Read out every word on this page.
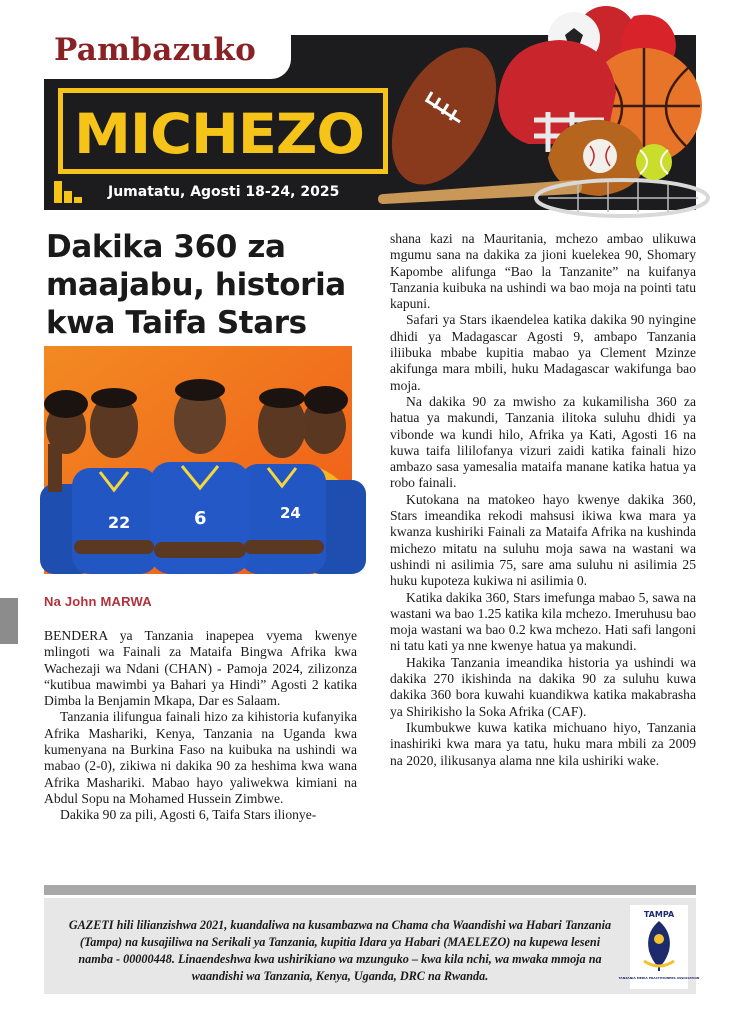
Pambazuko
MICHEZO
Jumatatu, Agosti 18-24, 2025
Dakika 360 za maajabu, historia kwa Taifa Stars
22	6	24
Na John MARWA

BENDERA ya Tanzania inapepea vyema kwenye mlingoti wa Fainali za Mataifa Bingwa Afrika kwa Wachezaji wa Ndani (CHAN) - Pamoja 2024, zilizonza “kutibua mawimbi ya Bahari ya Hindi” Agosti 2 katika Dimba la Benjamin Mkapa, Dar es Salaam.

Tanzania ilifungua fainali hizo za kihistoria kufanyika Afrika Mashariki, Kenya, Tanzania na Uganda kwa kumenyana na Burkina Faso na kuibuka na ushindi wa mabao (2-0), zikiwa ni dakika 90 za heshima kwa wana Afrika Mashariki. Mabao hayo yaliwekwa kimiani na Abdul Sopu na Mohamed Hussein Zimbwe.

Dakika 90 za pili, Agosti 6, Taifa Stars ilionye-

shana kazi na Mauritania, mchezo ambao ulikuwa mgumu sana na dakika za jioni kuelekea 90, Shomary Kapombe alifunga “Bao la Tanzanite” na kuifanya Tanzania kuibuka na ushindi wa bao moja na pointi tatu kapuni.

Safari ya Stars ikaendelea katika dakika 90 nyingine dhidi ya Madagascar Agosti 9, ambapo Tanzania iliibuka mbabe kupitia mabao ya Clement Mzinze akifunga mara mbili, huku Madagascar wakifunga bao moja.

Na dakika 90 za mwisho za kukamilisha 360 za hatua ya makundi, Tanzania ilitoka suluhu dhidi ya vibonde wa kundi hilo, Afrika ya Kati, Agosti 16 na kuwa taifa lililofanya vizuri zaidi katika fainali hizo ambazo sasa yamesalia mataifa manane katika hatua ya robo fainali.

Kutokana na matokeo hayo kwenye dakika 360, Stars imeandika rekodi mahsusi ikiwa kwa mara ya kwanza kushiriki Fainali za Mataifa Afrika na kushinda michezo mitatu na suluhu moja sawa na wastani wa ushindi ni asilimia 75, sare ama suluhu ni asilimia 25 huku kupoteza kukiwa ni asilimia 0.

Katika dakika 360, Stars imefunga mabao 5, sawa na wastani wa bao 1.25 katika kila mchezo. Imeruhusu bao moja wastani wa bao 0.2 kwa mchezo. Hati safi langoni ni tatu kati ya nne kwenye hatua ya makundi.

Hakika Tanzania imeandika historia ya ushindi wa dakika 270 ikishinda na dakika 90 za suluhu kuwa dakika 360 bora kuwahi kuandikwa katika makabrasha ya Shirikisho la Soka Afrika (CAF).

Ikumbukwe kuwa katika michuano hiyo, Tanzania inashiriki kwa mara ya tatu, huku mara mbili za 2009 na 2020, ilikusanya alama nne kila ushiriki wake.

GAZETI hili lilianzishwa 2021, kuandaliwa na kusambazwa na Chama cha Waandishi wa Habari Tanzania (Tampa) na kusajiliwa na Serikali ya Tanzania, kupitia Idara ya Habari (MAELEZO) na kupewa leseni namba - 00000448. Linaendeshwa kwa ushirikiano wa mzunguko – kwa kila nchi, wa mwaka mmoja na waandishi wa Tanzania, Kenya, Uganda, DRC na Rwanda.

TAMPA
TANZANIA MEDIA PRACTITIONERS ASSOCIATION
